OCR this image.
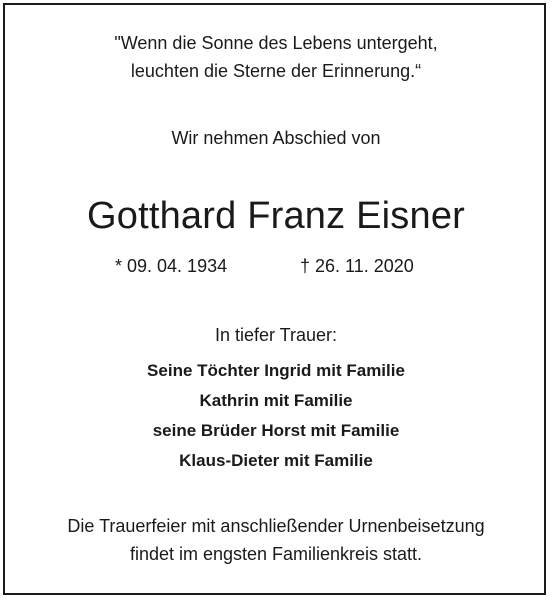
"Wenn die Sonne des Lebens untergeht,
leuchten die Sterne der Erinnerung.“
Wir nehmen Abschied von
Gotthard Franz Eisner
* 09. 04. 1934	† 26. 11. 2020
In tiefer Trauer:
Seine Töchter Ingrid mit Familie
Kathrin mit Familie
seine Brüder Horst mit Familie
Klaus-Dieter mit Familie
Die Trauerfeier mit anschließender Urnenbeisetzung
findet im engsten Familienkreis statt.
